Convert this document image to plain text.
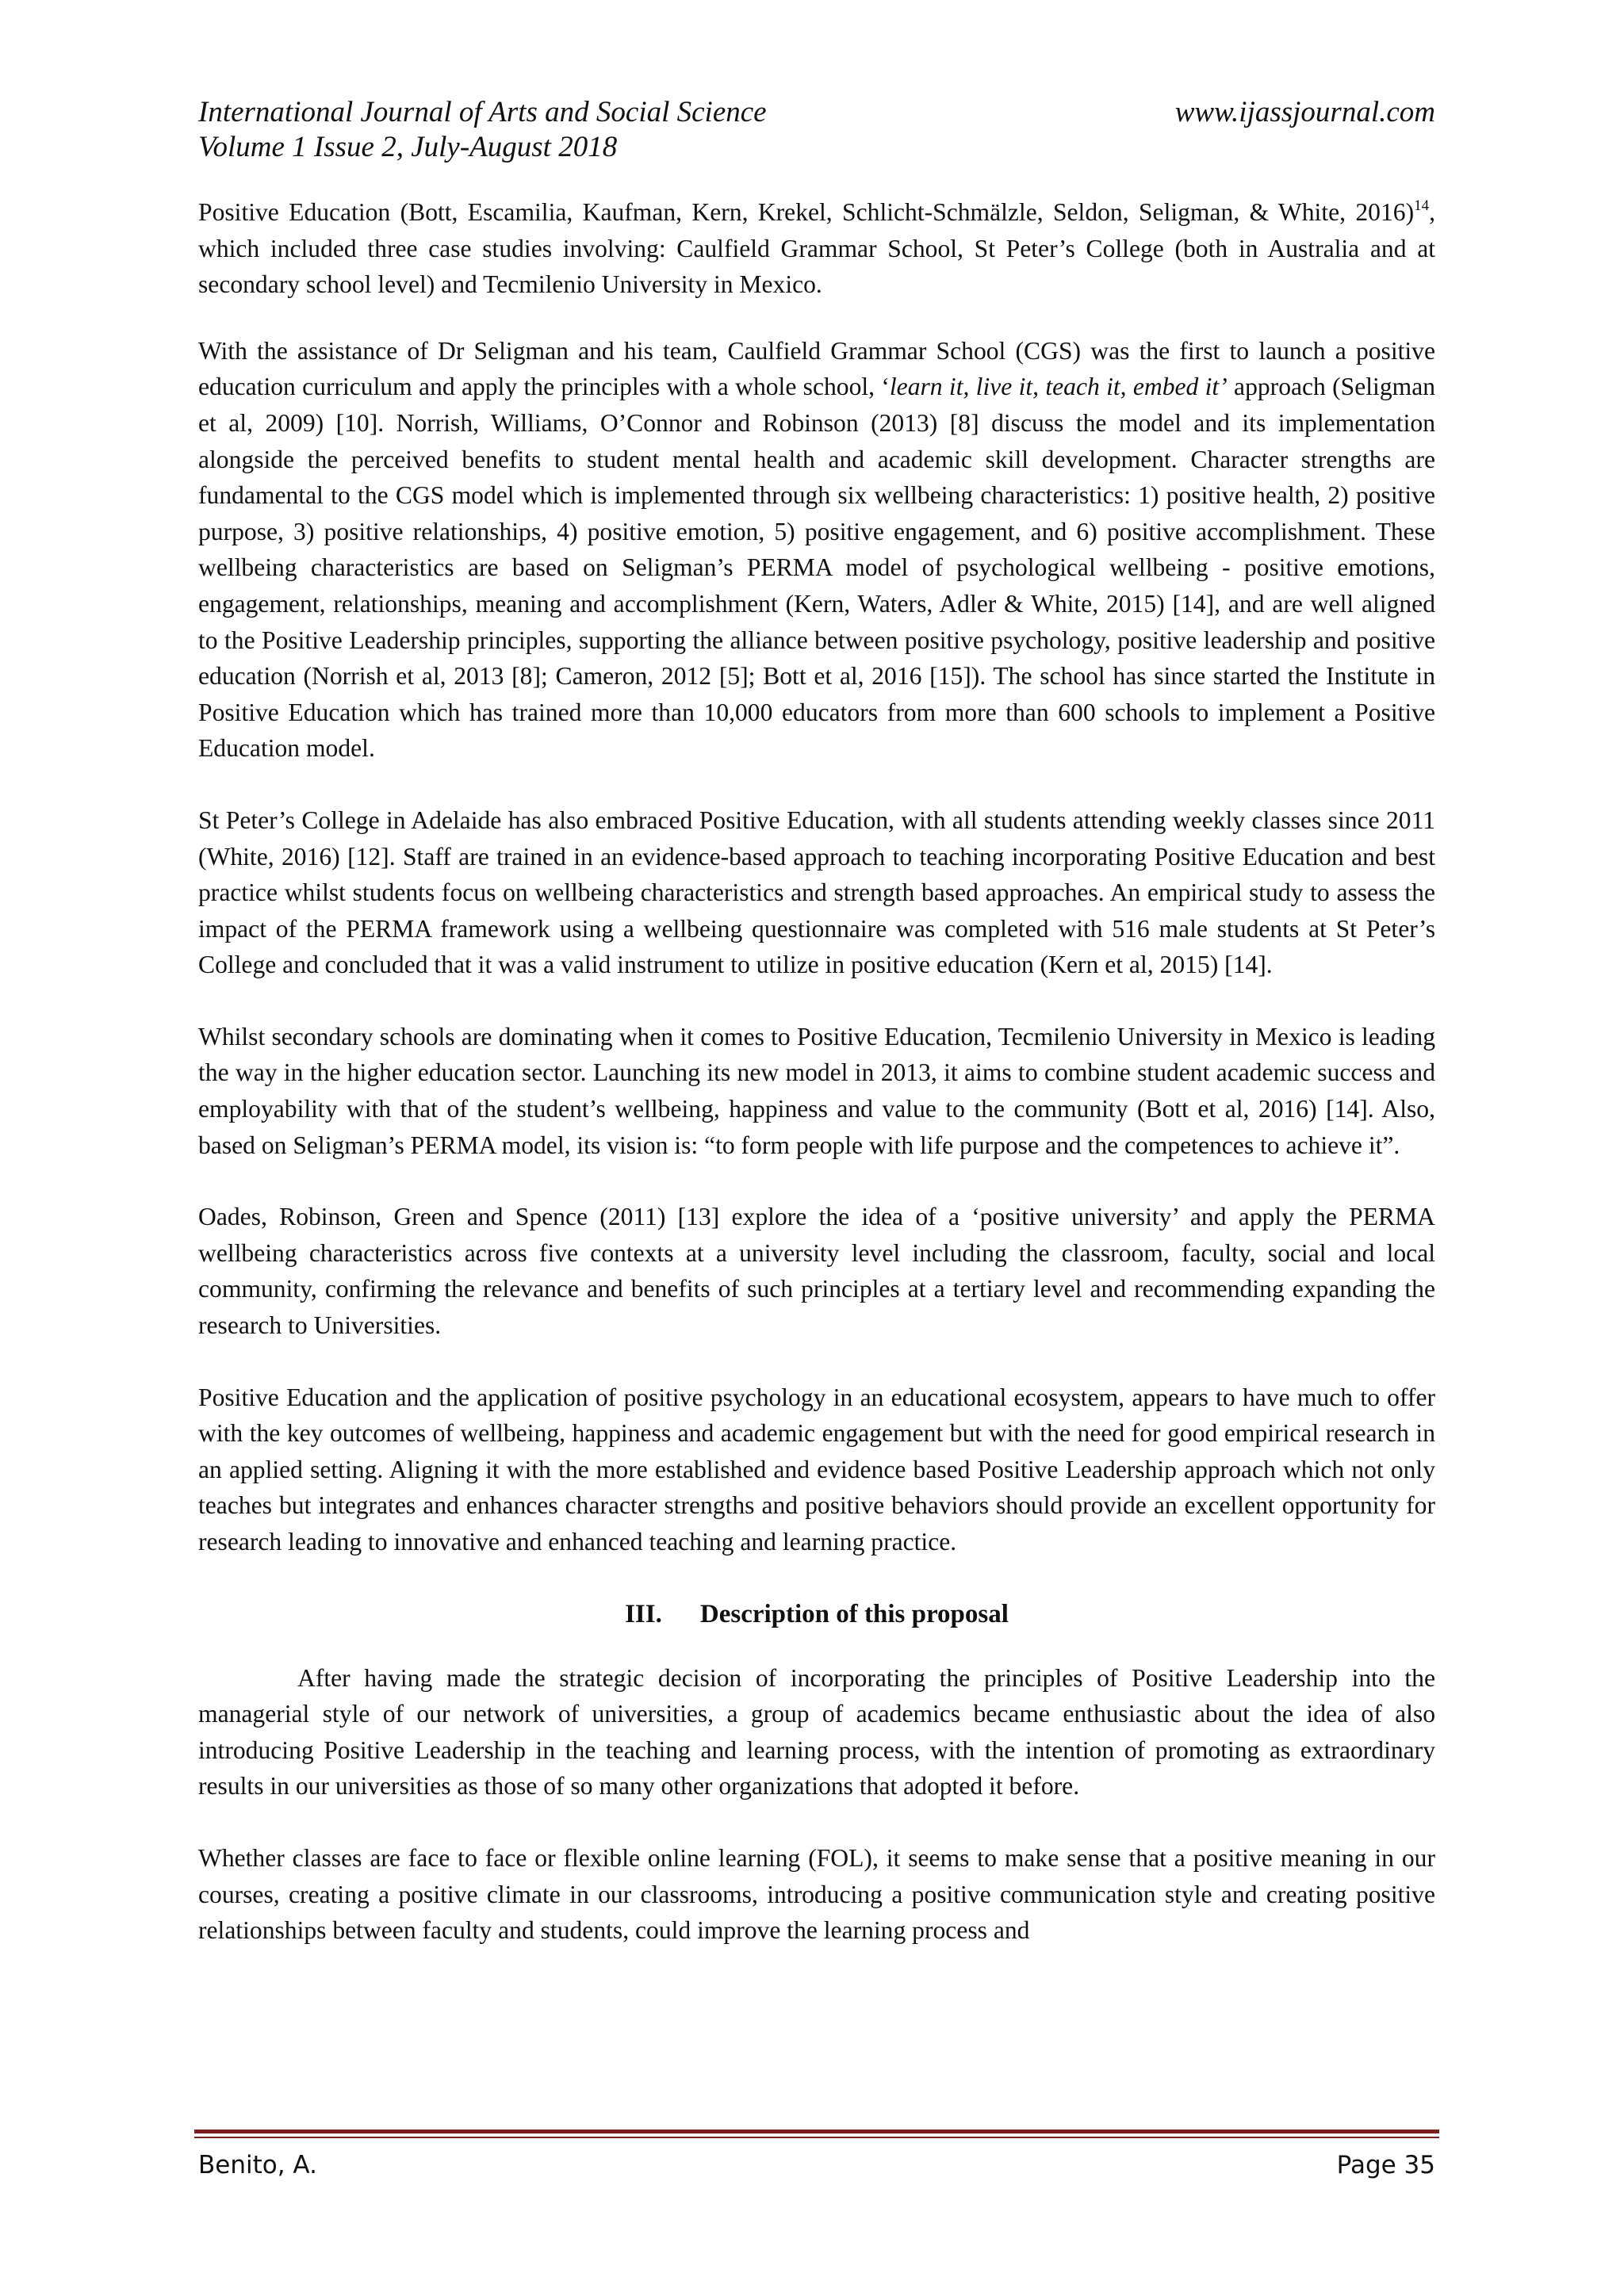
International Journal of Arts and Social Science	www.ijassjournal.com
Volume 1 Issue 2, July-August 2018

Positive Education (Bott, Escamilia, Kaufman, Kern, Krekel, Schlicht-Schmälzle, Seldon, Seligman, & White, 2016)$^{14}$, which included three case studies involving: Caulfield Grammar School, St Peter’s College (both in Australia and at secondary school level) and Tecmilenio University in Mexico.

With the assistance of Dr Seligman and his team, Caulfield Grammar School (CGS) was the first to launch a positive education curriculum and apply the principles with a whole school, ‘learn it, live it, teach it, embed it’ approach (Seligman et al, 2009) [10]. Norrish, Williams, O’Connor and Robinson (2013) [8] discuss the model and its implementation alongside the perceived benefits to student mental health and academic skill development. Character strengths are fundamental to the CGS model which is implemented through six wellbeing characteristics: 1) positive health, 2) positive purpose, 3) positive relationships, 4) positive emotion, 5) positive engagement, and 6) positive accomplishment. These wellbeing characteristics are based on Seligman’s PERMA model of psychological wellbeing - positive emotions, engagement, relationships, meaning and accomplishment (Kern, Waters, Adler & White, 2015) [14], and are well aligned to the Positive Leadership principles, supporting the alliance between positive psychology, positive leadership and positive education (Norrish et al, 2013 [8]; Cameron, 2012 [5]; Bott et al, 2016 [15]). The school has since started the Institute in Positive Education which has trained more than 10,000 educators from more than 600 schools to implement a Positive Education model.

St Peter’s College in Adelaide has also embraced Positive Education, with all students attending weekly classes since 2011 (White, 2016) [12]. Staff are trained in an evidence-based approach to teaching incorporating Positive Education and best practice whilst students focus on wellbeing characteristics and strength based approaches. An empirical study to assess the impact of the PERMA framework using a wellbeing questionnaire was completed with 516 male students at St Peter’s College and concluded that it was a valid instrument to utilize in positive education (Kern et al, 2015) [14].

Whilst secondary schools are dominating when it comes to Positive Education, Tecmilenio University in Mexico is leading the way in the higher education sector. Launching its new model in 2013, it aims to combine student academic success and employability with that of the student’s wellbeing, happiness and value to the community (Bott et al, 2016) [14]. Also, based on Seligman’s PERMA model, its vision is: “to form people with life purpose and the competences to achieve it”.

Oades, Robinson, Green and Spence (2011) [13] explore the idea of a ‘positive university’ and apply the PERMA wellbeing characteristics across five contexts at a university level including the classroom, faculty, social and local community, confirming the relevance and benefits of such principles at a tertiary level and recommending expanding the research to Universities.

Positive Education and the application of positive psychology in an educational ecosystem, appears to have much to offer with the key outcomes of wellbeing, happiness and academic engagement but with the need for good empirical research in an applied setting. Aligning it with the more established and evidence based Positive Leadership approach which not only teaches but integrates and enhances character strengths and positive behaviors should provide an excellent opportunity for research leading to innovative and enhanced teaching and learning practice.

III. Description of this proposal

After having made the strategic decision of incorporating the principles of Positive Leadership into the managerial style of our network of universities, a group of academics became enthusiastic about the idea of also introducing Positive Leadership in the teaching and learning process, with the intention of promoting as extraordinary results in our universities as those of so many other organizations that adopted it before.

Whether classes are face to face or flexible online learning (FOL), it seems to make sense that a positive meaning in our courses, creating a positive climate in our classrooms, introducing a positive communication style and creating positive relationships between faculty and students, could improve the learning process and

Benito, A.	Page 35
